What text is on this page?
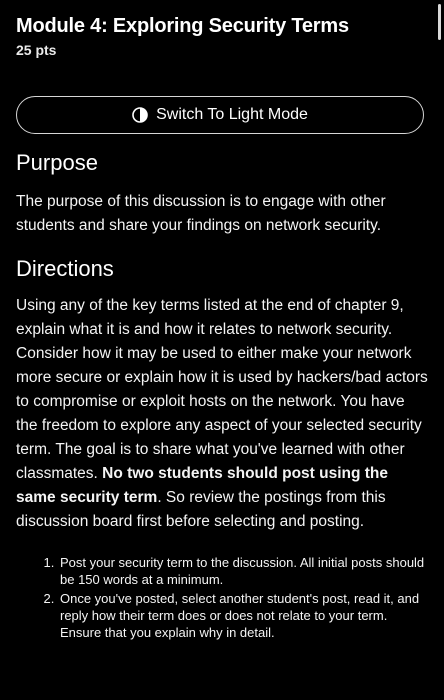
Module 4: Exploring Security Terms
25 pts
Switch To Light Mode
Purpose

The purpose of this discussion is to engage with other students and share your findings on network security.

Directions

Using any of the key terms listed at the end of chapter 9, explain what it is and how it relates to network security. Consider how it may be used to either make your network more secure or explain how it is used by hackers/bad actors to compromise or exploit hosts on the network. You have the freedom to explore any aspect of your selected security term. The goal is to share what you've learned with other classmates. No two students should post using the same security term. So review the postings from this discussion board first before selecting and posting.

1. Post your security term to the discussion. All initial posts should be 150 words at a minimum.
2. Once you've posted, select another student's post, read it, and reply how their term does or does not relate to your term. Ensure that you explain why in detail.
